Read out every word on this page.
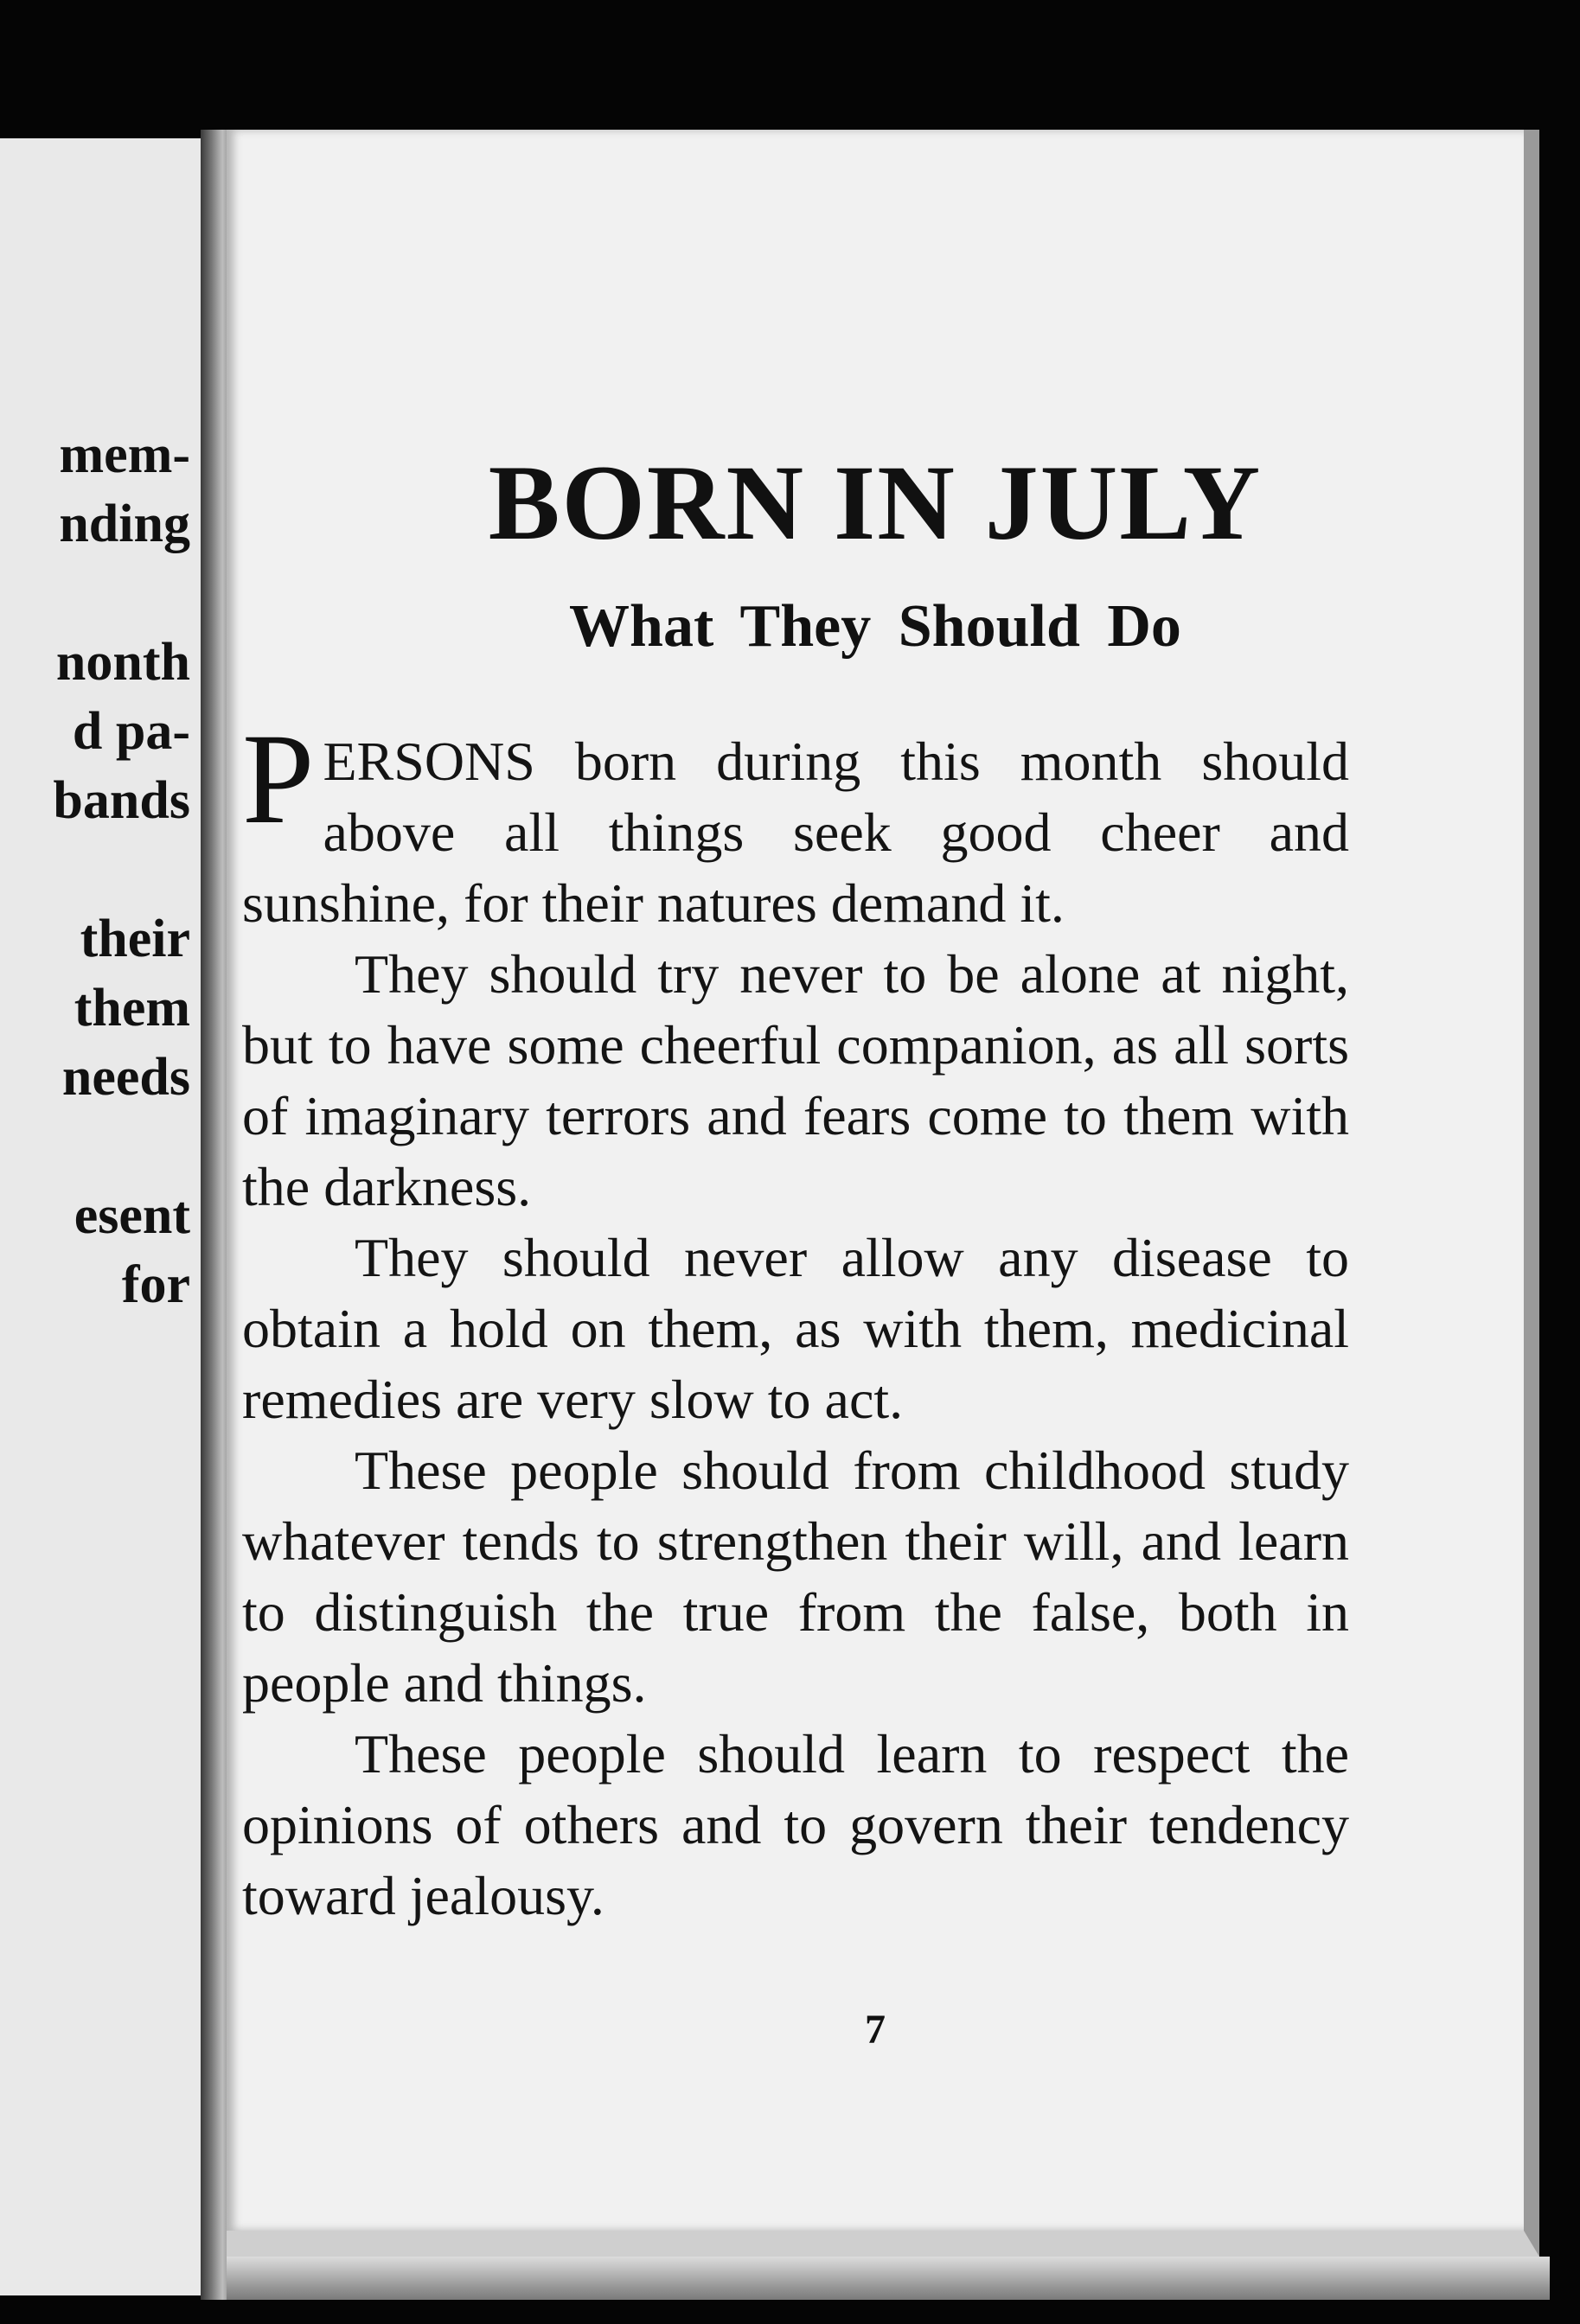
mem-
nding
nonth
d pa-
bands
their
them
needs
esent
for
BORN IN JULY
What They Should Do

PERSONS born during this month should above all things seek good cheer and sunshine, for their natures demand it.

They should try never to be alone at night, but to have some cheerful companion, as all sorts of imaginary terrors and fears come to them with the darkness.

They should never allow any disease to obtain a hold on them, as with them, medicinal remedies are very slow to act.

These people should from childhood study whatever tends to strengthen their will, and learn to distinguish the true from the false, both in people and things.

These people should learn to respect the opinions of others and to govern their tendency toward jealousy.

7
